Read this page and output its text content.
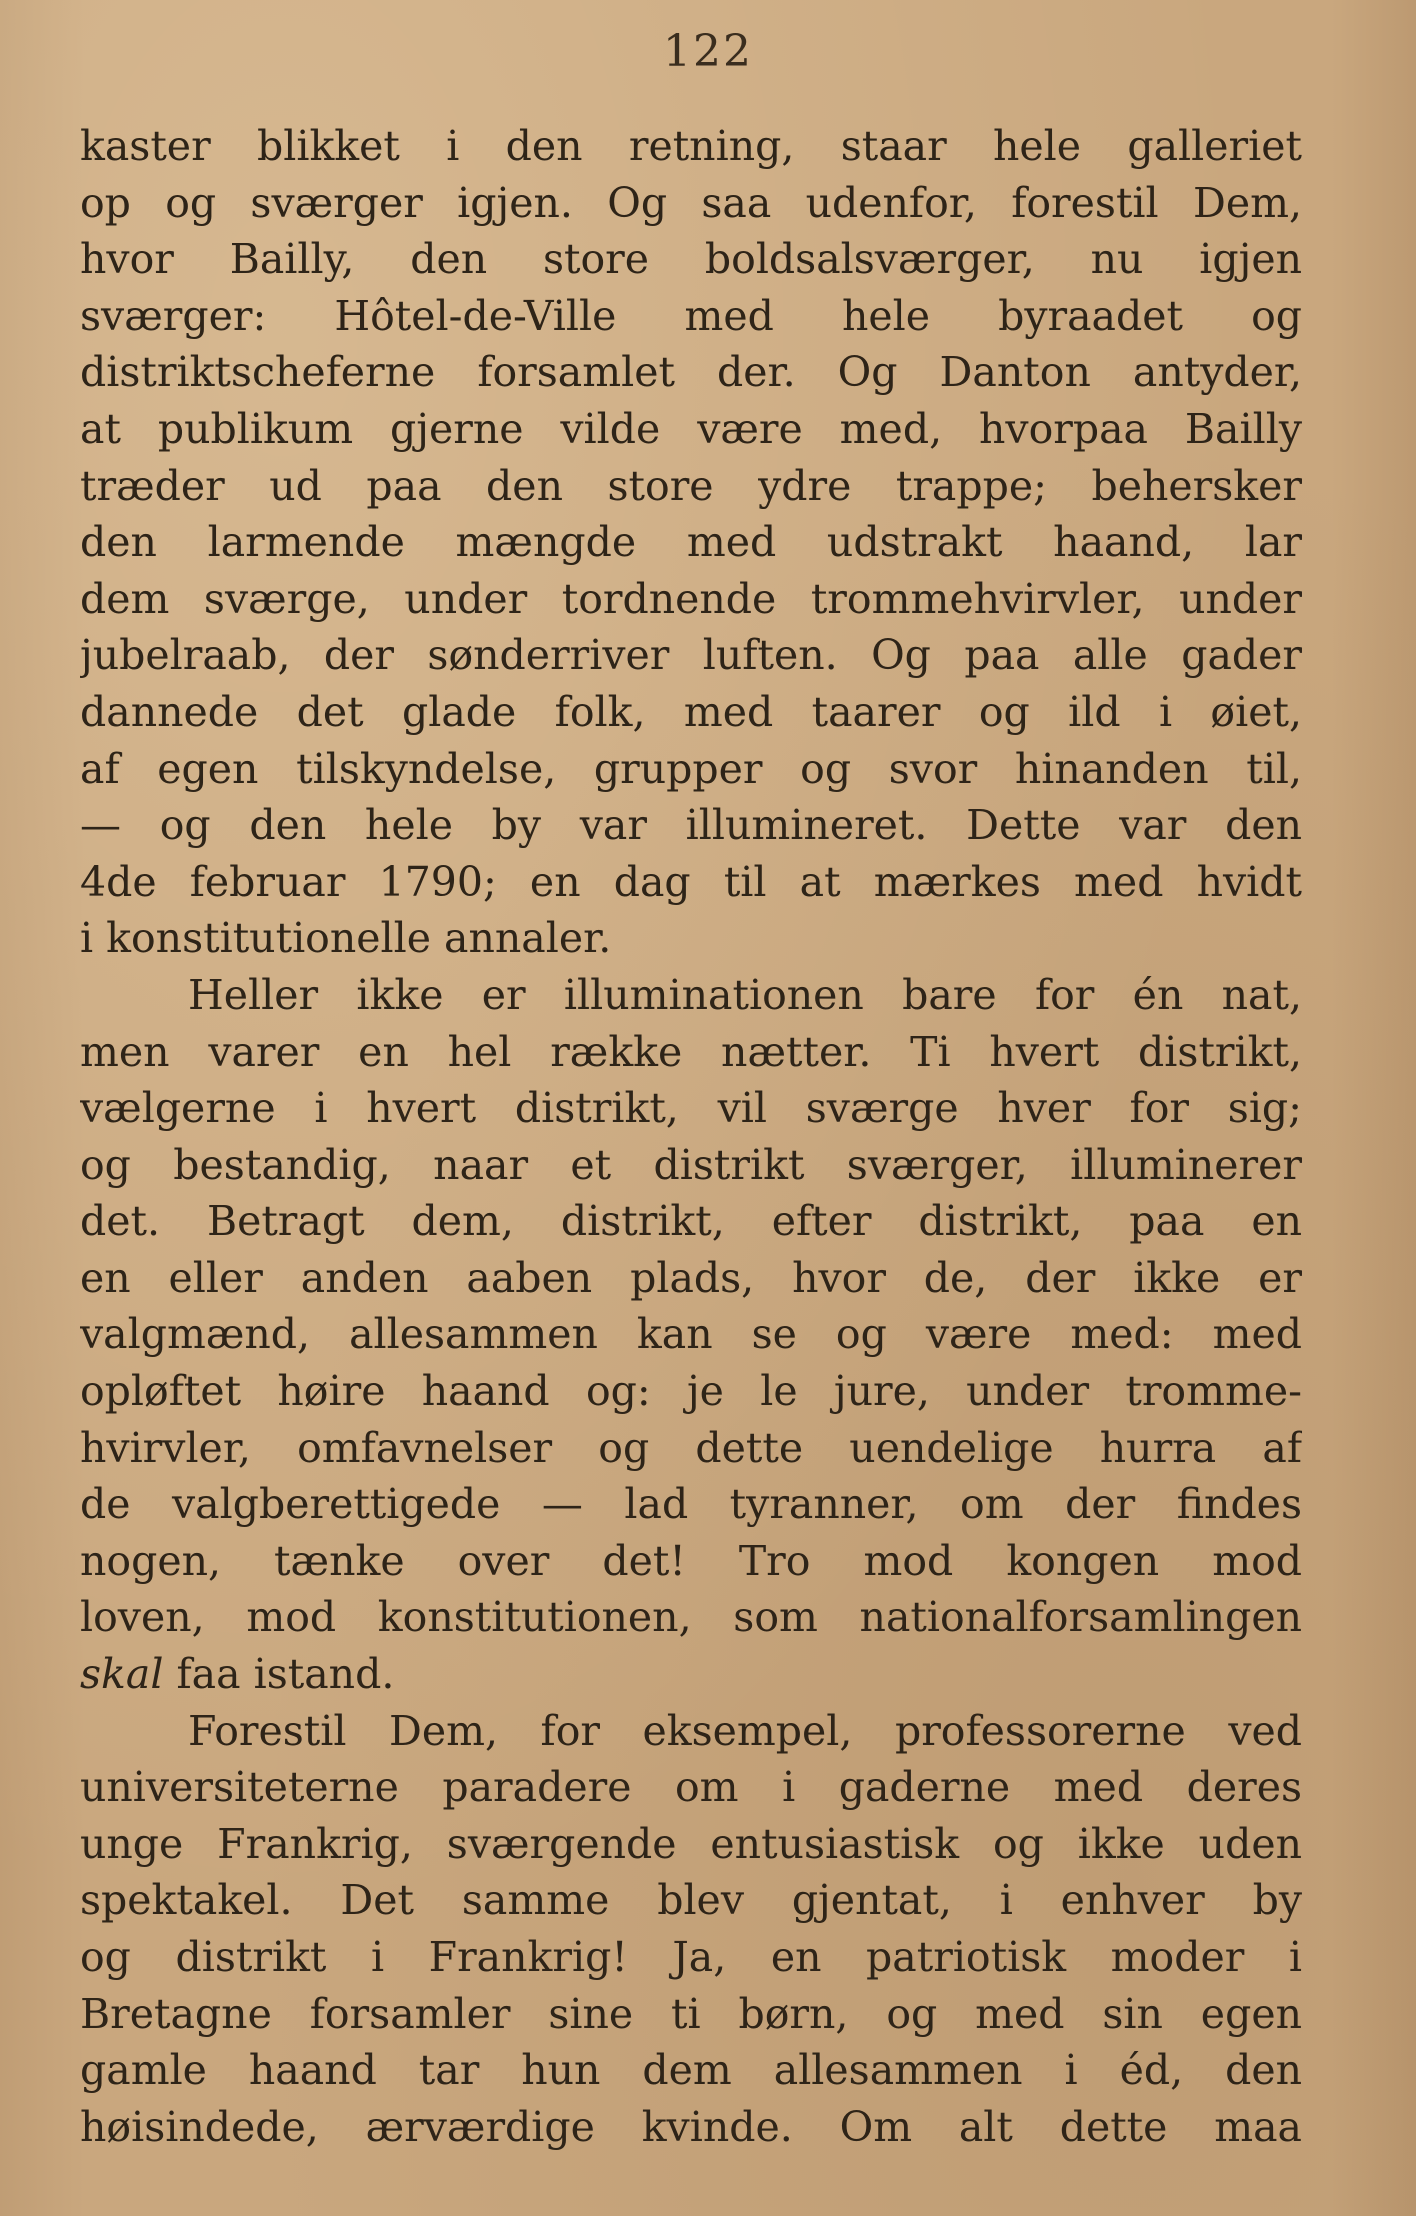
122
kaster blikket i den retning, staar hele galleriet
op og sværger igjen. Og saa udenfor, forestil Dem,
hvor Bailly, den store boldsalsværger, nu igjen
sværger: Hôtel-de-Ville med hele byraadet og
distriktscheferne forsamlet der. Og Danton antyder,
at publikum gjerne vilde være med, hvorpaa Bailly
træder ud paa den store ydre trappe; behersker
den larmende mængde med udstrakt haand, lar
dem sværge, under tordnende trommehvirvler, under
jubelraab, der sønderriver luften. Og paa alle gader
dannede det glade folk, med taarer og ild i øiet,
af egen tilskyndelse, grupper og svor hinanden til,
— og den hele by var illumineret. Dette var den
4de februar 1790; en dag til at mærkes med hvidt
i konstitutionelle annaler.
Heller ikke er illuminationen bare for én nat,
men varer en hel række nætter. Ti hvert distrikt,
vælgerne i hvert distrikt, vil sværge hver for sig;
og bestandig, naar et distrikt sværger, illuminerer
det. Betragt dem, distrikt, efter distrikt, paa en
en eller anden aaben plads, hvor de, der ikke er
valgmænd, allesammen kan se og være med: med
opløftet høire haand og: je le jure, under tromme-
hvirvler, omfavnelser og dette uendelige hurra af
de valgberettigede — lad tyranner, om der findes
nogen, tænke over det! Tro mod kongen mod
loven, mod konstitutionen, som nationalforsamlingen
skal faa istand.
Forestil Dem, for eksempel, professorerne ved
universiteterne paradere om i gaderne med deres
unge Frankrig, sværgende entusiastisk og ikke uden
spektakel. Det samme blev gjentat, i enhver by
og distrikt i Frankrig! Ja, en patriotisk moder i
Bretagne forsamler sine ti børn, og med sin egen
gamle haand tar hun dem allesammen i éd, den
høisindede, ærværdige kvinde. Om alt dette maa
